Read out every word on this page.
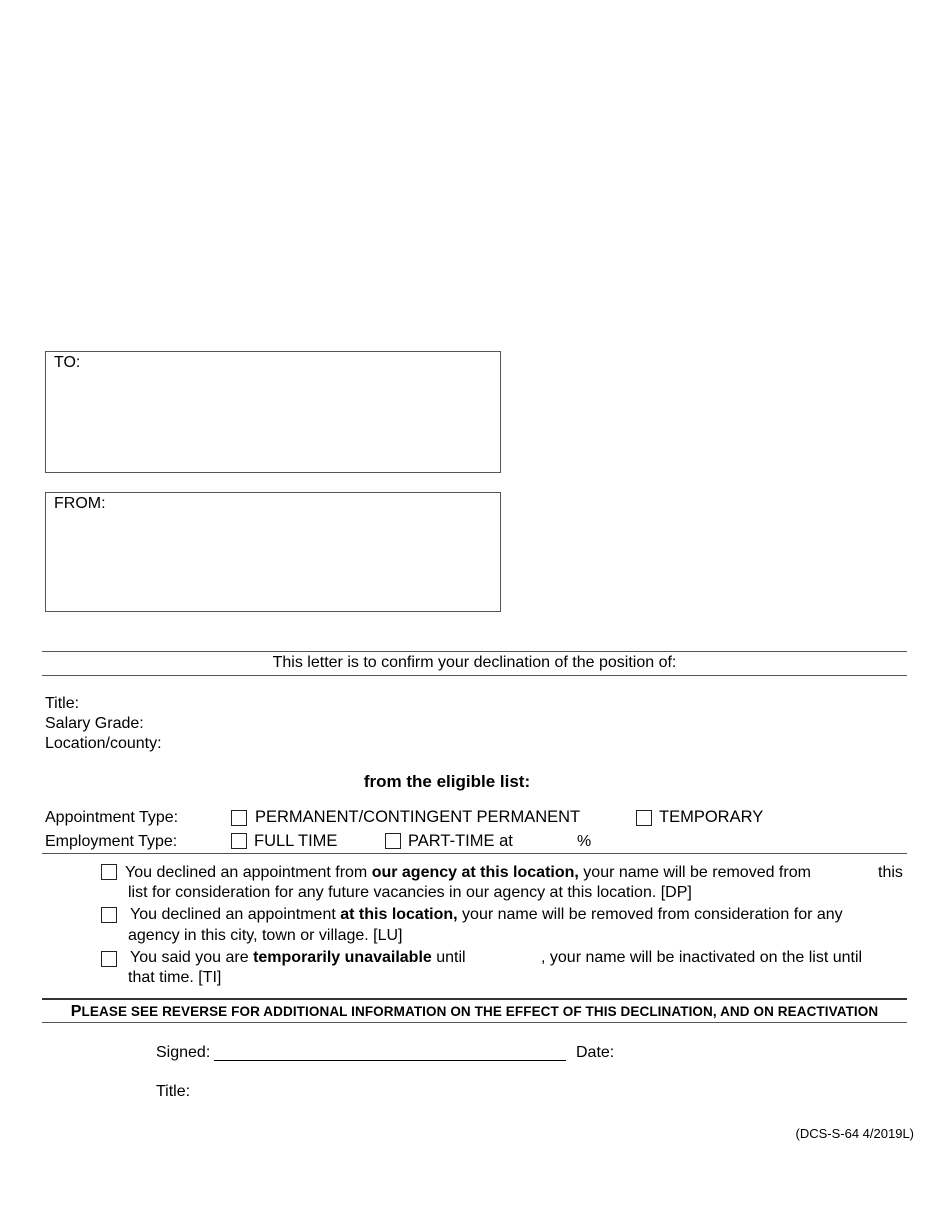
TO:
FROM:
This letter is to confirm your declination of the position of:
Title:
Salary Grade:
Location/county:
from the eligible list:
Appointment Type:	PERMANENT/CONTINGENT PERMANENT	TEMPORARY
Employment Type:	FULL TIME	PART-TIME at	%
You declined an appointment from our agency at this location, your name will be removed from	this
list for consideration for any future vacancies in our agency at this location. [DP]
You declined an appointment at this location, your name will be removed from consideration for any
agency in this city, town or village. [LU]
You said you are temporarily unavailable until	, your name will be inactivated on the list until
that time. [TI]
PLEASE SEE REVERSE FOR ADDITIONAL INFORMATION ON THE EFFECT OF THIS DECLINATION, AND ON REACTIVATION
Signed:	Date:
Title:
(DCS-S-64 4/2019L)
